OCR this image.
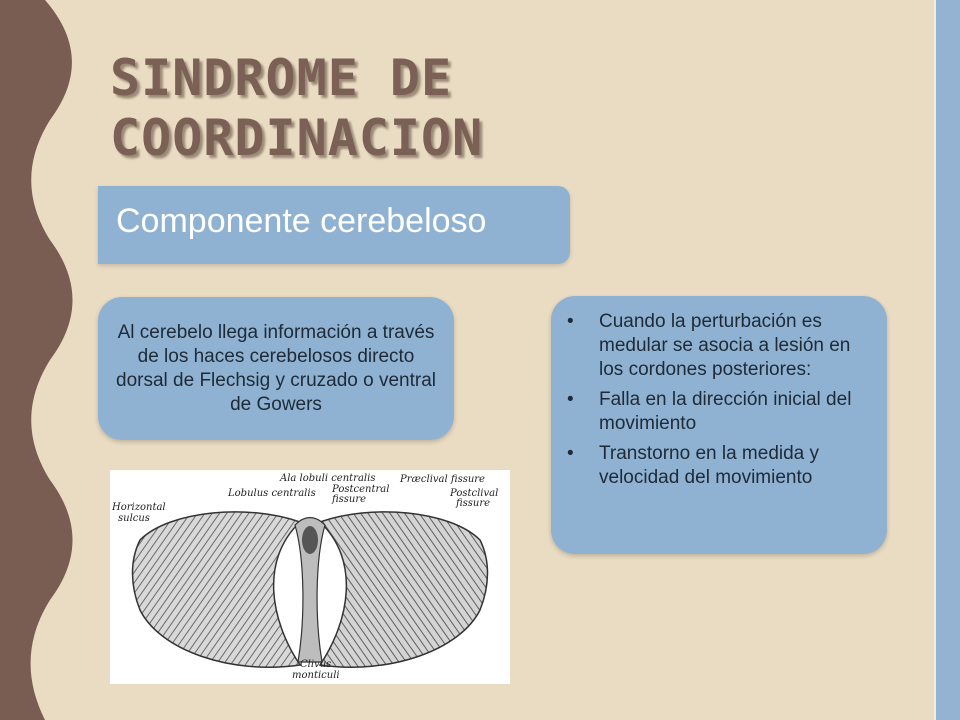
SINDROME DE
COORDINACION
Componente cerebeloso
Al cerebelo llega información a través de los haces cerebelosos directo dorsal de Flechsig y cruzado o ventral de Gowers
• Cuando la perturbación es medular se asocia a lesión en los cordones posteriores:
• Falla en la dirección inicial del movimiento
• Transtorno en la medida y velocidad del movimiento
Ala lobuli centralis
Lobulus centralis Postcentral
fissure
Præclival fissure
Postclival
fissure
Horizontal
sulcus
Clivus
monticuli
